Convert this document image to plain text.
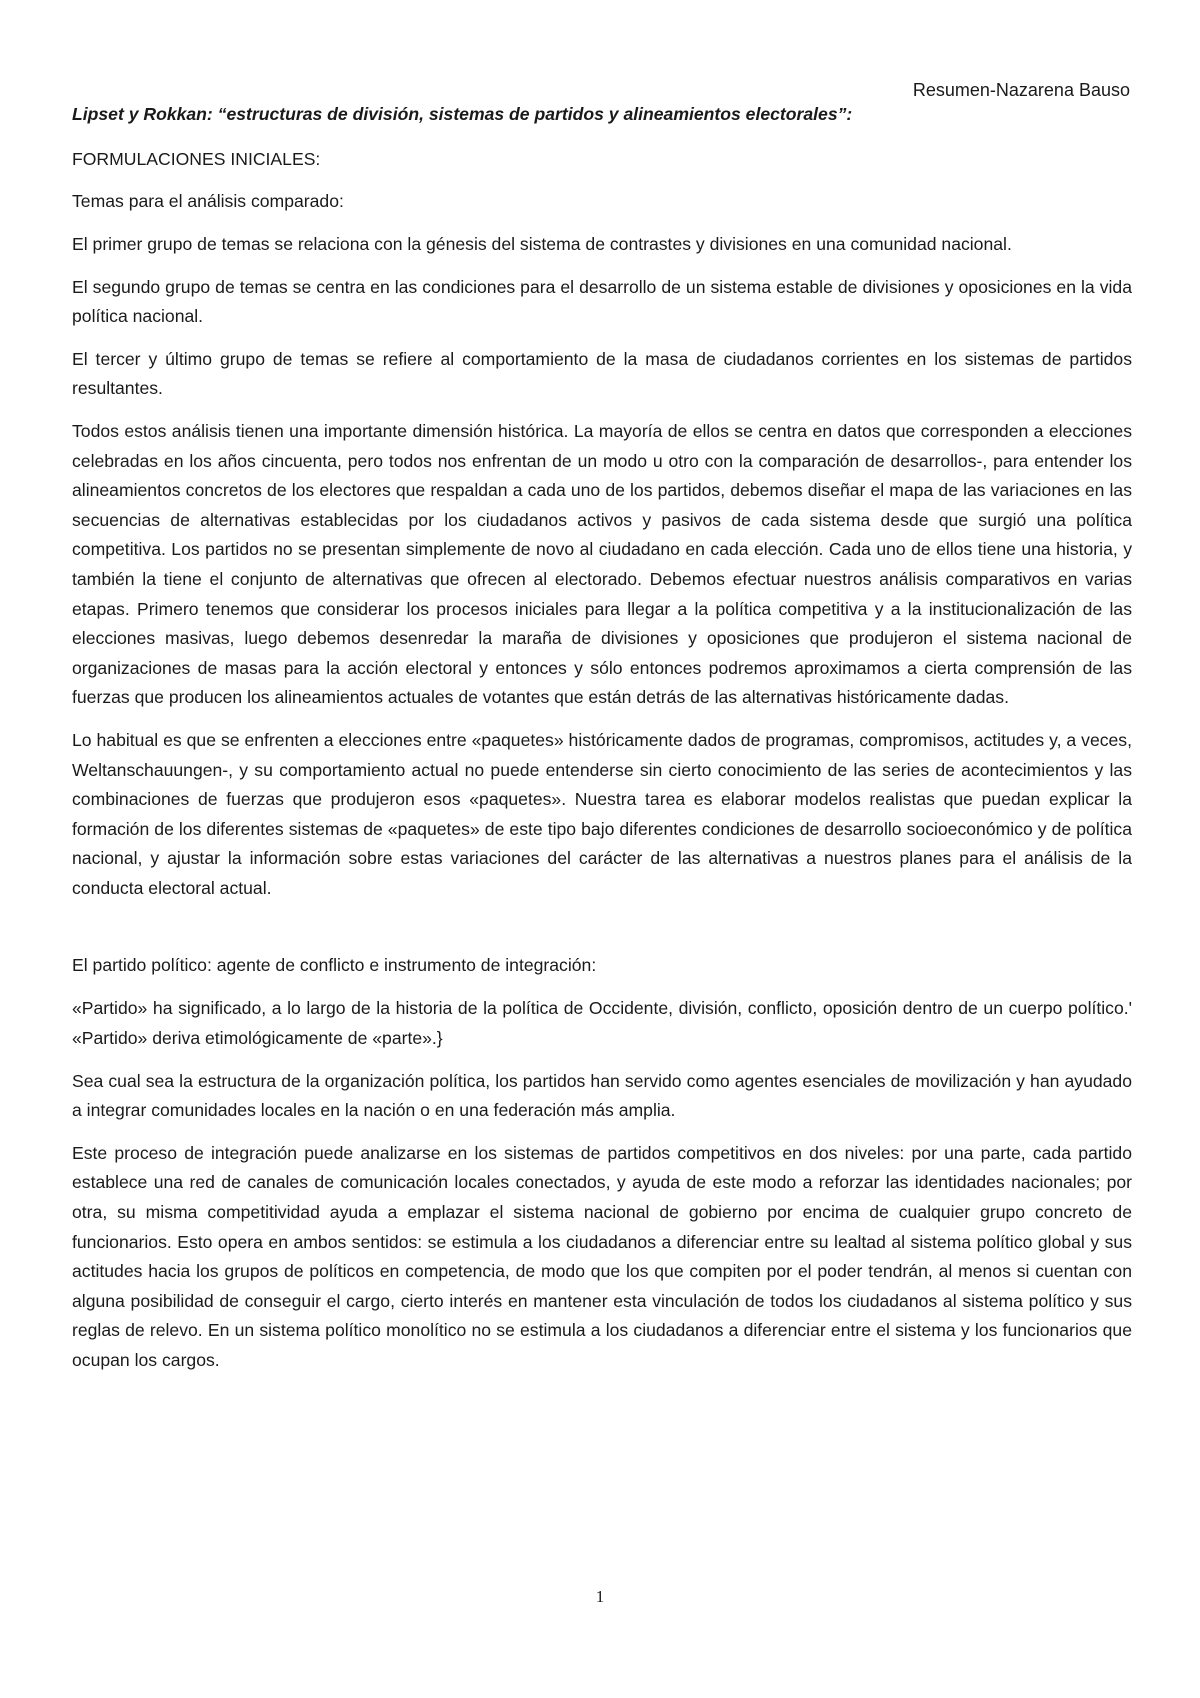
Resumen-Nazarena Bauso
Lipset y Rokkan: “estructuras de división, sistemas de partidos y alineamientos electorales”:
FORMULACIONES INICIALES:
Temas para el análisis comparado:

El primer grupo de temas se relaciona con la génesis del sistema de contrastes y divisiones en una comunidad nacional.

El segundo grupo de temas se centra en las condiciones para el desarrollo de un sistema estable de divisiones y oposiciones en la vida política nacional.

El tercer y último grupo de temas se refiere al comportamiento de la masa de ciudadanos corrientes en los sistemas de partidos resultantes.

Todos estos análisis tienen una importante dimensión histórica. La mayoría de ellos se centra en datos que corresponden a elecciones celebradas en los años cincuenta, pero todos nos enfrentan de un modo u otro con la comparación de desarrollos-, para entender los alineamientos concretos de los electores que respaldan a cada uno de los partidos, debemos diseñar el mapa de las variaciones en las secuencias de alternativas establecidas por los ciudadanos activos y pasivos de cada sistema desde que surgió una política competitiva. Los partidos no se presentan simplemente de novo al ciudadano en cada elección. Cada uno de ellos tiene una historia, y también la tiene el conjunto de alternativas que ofrecen al electorado. Debemos efectuar nuestros análisis comparativos en varias etapas. Primero tenemos que considerar los procesos iniciales para llegar a la política competitiva y a la institucionalización de las elecciones masivas, luego debemos desenredar la maraña de divisiones y oposiciones que produjeron el sistema nacional de organizaciones de masas para la acción electoral y entonces y sólo entonces podremos aproximamos a cierta comprensión de las fuerzas que producen los alineamientos actuales de votantes que están detrás de las alternativas históricamente dadas.

Lo habitual es que se enfrenten a elecciones entre «paquetes» históricamente dados de programas, compromisos, actitudes y, a veces, Weltanschauungen-, y su comportamiento actual no puede entenderse sin cierto conocimiento de las series de acontecimientos y las combinaciones de fuerzas que produjeron esos «paquetes». Nuestra tarea es elaborar modelos realistas que puedan explicar la formación de los diferentes sistemas de «paquetes» de este tipo bajo diferentes condiciones de desarrollo socioeconómico y de política nacional, y ajustar la información sobre estas variaciones del carácter de las alternativas a nuestros planes para el análisis de la conducta electoral actual.

El partido político: agente de conflicto e instrumento de integración:

«Partido» ha significado, a lo largo de la historia de la política de Occidente, división, conflicto, oposición dentro de un cuerpo político.' «Partido» deriva etimológicamente de «parte».}

Sea cual sea la estructura de la organización política, los partidos han servido como agentes esenciales de movilización y han ayudado a integrar comunidades locales en la nación o en una federación más amplia.

Este proceso de integración puede analizarse en los sistemas de partidos competitivos en dos niveles: por una parte, cada partido establece una red de canales de comunicación locales conectados, y ayuda de este modo a reforzar las identidades nacionales; por otra, su misma competitividad ayuda a emplazar el sistema nacional de gobierno por encima de cualquier grupo concreto de funcionarios. Esto opera en ambos sentidos: se estimula a los ciudadanos a diferenciar entre su lealtad al sistema político global y sus actitudes hacia los grupos de políticos en competencia, de modo que los que compiten por el poder tendrán, al menos si cuentan con alguna posibilidad de conseguir el cargo, cierto interés en mantener esta vinculación de todos los ciudadanos al sistema político y sus reglas de relevo. En un sistema político monolítico no se estimula a los ciudadanos a diferenciar entre el sistema y los funcionarios que ocupan los cargos.

1
